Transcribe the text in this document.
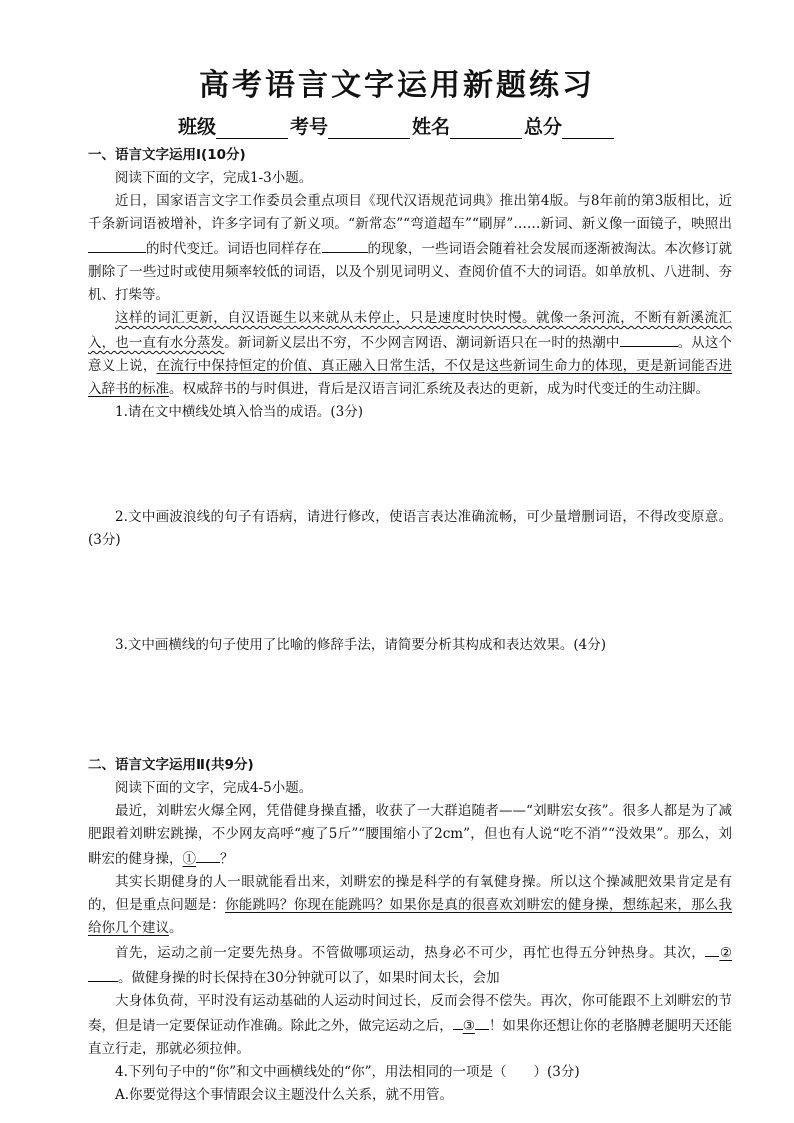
高考语言文字运用新题练习
班级	考号	姓名	总分

一、语言文字运用Ⅰ(10分)

阅读下面的文字，完成1-3小题。

近日，国家语言文字工作委员会重点项目《现代汉语规范词典》推出第4版。与8年前的第3版相比，近千条新词语被增补，许多字词有了新义项。“新常态”“弯道超车”“刷屏”……新词、新义像一面镜子，映照出的时代变迁。词语也同样存在	的现象，一些词语会随着社会发展而逐渐被淘汰。本次修订就删除了一些过时或使用频率较低的词语，以及个别见词明义、查阅价值不大的词语。如单放机、八进制、夯机、打柴等。

这样的词汇更新，自汉语诞生以来就从未停止，只是速度时快时慢。就像一条河流，不断有新溪流汇入，也一直有水分蒸发。新词新义层出不穷，不少网言网语、潮词新语只在一时的热潮中	。从这个意义上说，在流行中保持恒定的价值、真正融入日常生活，不仅是这些新词生命力的体现，更是新词能否进入辞书的标准。权威辞书的与时俱进，背后是汉语言词汇系统及表达的更新，成为时代变迁的生动注脚。

1.请在文中横线处填入恰当的成语。(3分)

2.文中画波浪线的句子有语病，请进行修改，使语言表达准确流畅，可少量增删词语，不得改变原意。(3分)

3.文中画横线的句子使用了比喻的修辞手法，请简要分析其构成和表达效果。(4分)

二、语言文字运用Ⅱ(共9分)

阅读下面的文字，完成4-5小题。

最近，刘畊宏火爆全网，凭借健身操直播，收获了一大群追随者——“刘畊宏女孩”。很多人都是为了减肥跟着刘畊宏跳操，不少网友高呼“瘦了5斤”“腰围缩小了2cm”，但也有人说“吃不消”“没效果”。那么，刘畊宏的健身操，① ？

其实长期健身的人一眼就能看出来，刘畊宏的操是科学的有氧健身操。所以这个操减肥效果肯定是有的，但是重点问题是：你能跳吗？你现在能跳吗？如果你是真的很喜欢刘畊宏的健身操，想练起来，那么我给你几个建议。

首先，运动之前一定要先热身。不管做哪项运动，热身必不可少，再忙也得五分钟热身。其次， ②。做健身操的时长保持在30分钟就可以了，如果时间太长，会加

大身体负荷，平时没有运动基础的人运动时间过长，反而会得不偿失。再次，你可能跟不上刘畊宏的节奏，但是请一定要保证动作准确。除此之外，做完运动之后， ③ ！如果你还想让你的老胳膊老腿明天还能直立行走，那就必须拉伸。

4.下列句子中的“你”和文中画横线处的“你”，用法相同的一项是（　　）(3分)

A.你要觉得这个事情跟会议主题没什么关系，就不用管。
